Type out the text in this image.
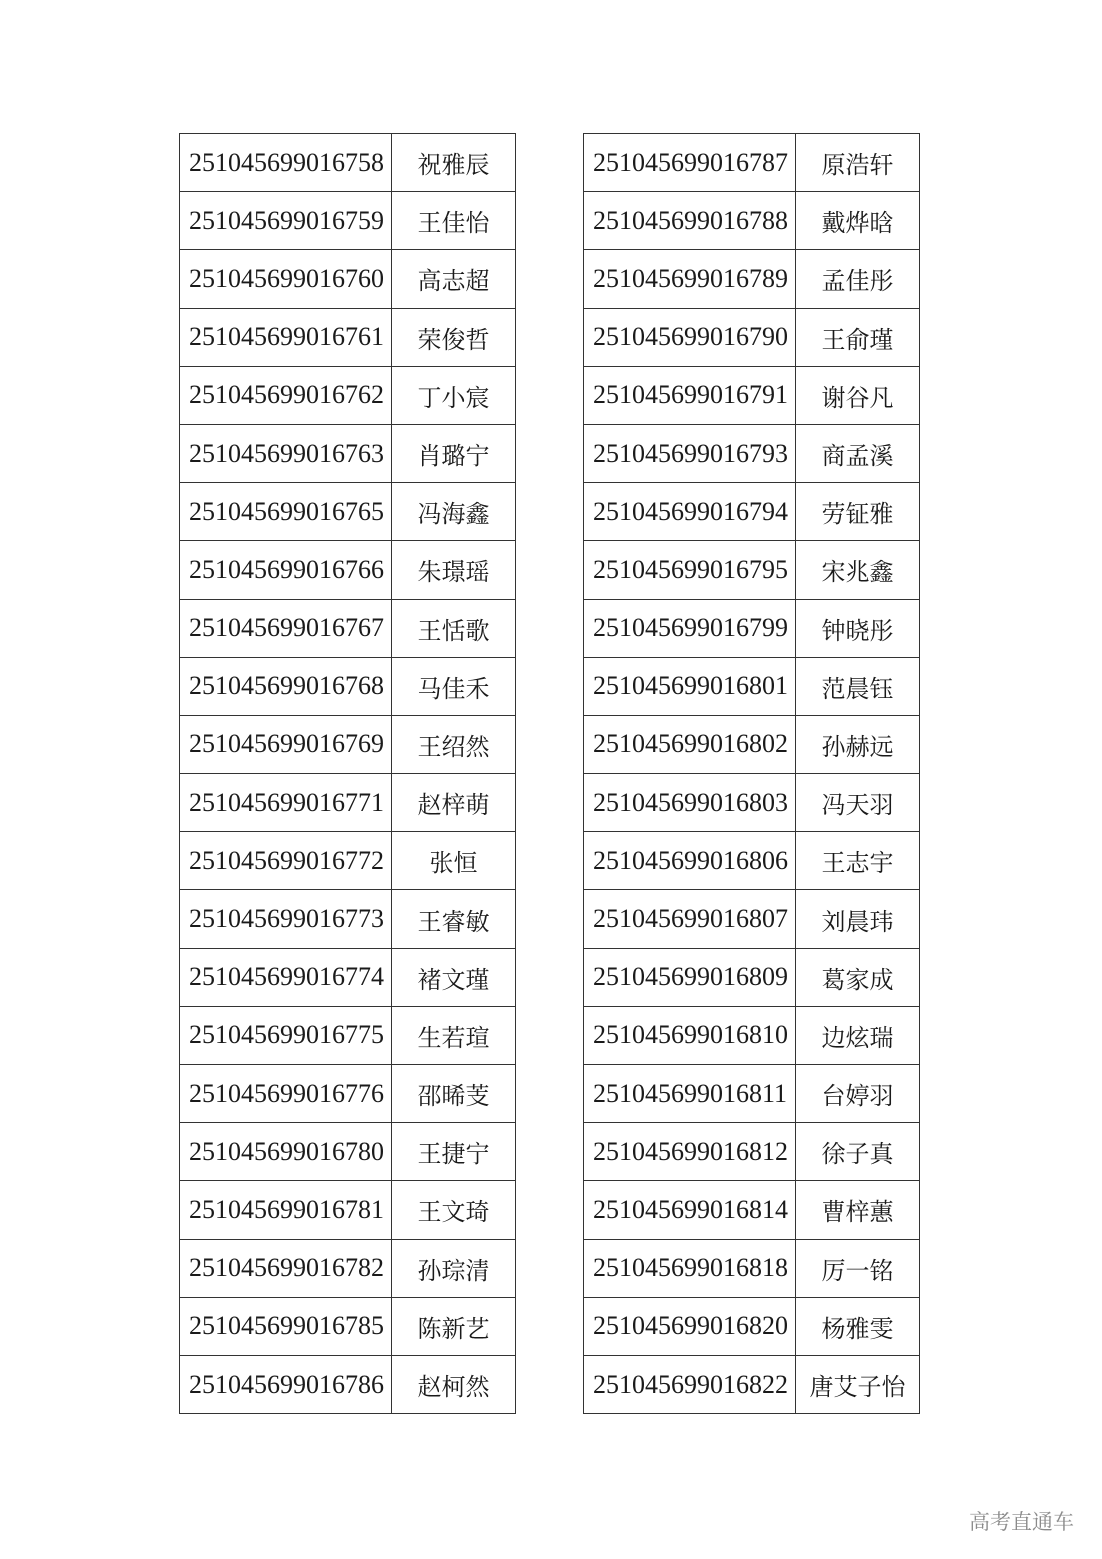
251045699016758	祝雅辰
251045699016759	王佳怡
251045699016760	高志超
251045699016761	荣俊哲
251045699016762	丁小宸
251045699016763	肖璐宁
251045699016765	冯海鑫
251045699016766	朱璟瑶
251045699016767	王恬歌
251045699016768	马佳禾
251045699016769	王绍然
251045699016771	赵梓萌
251045699016772	张恒
251045699016773	王睿敏
251045699016774	褚文瑾
251045699016775	生若瑄
251045699016776	邵晞芰
251045699016780	王捷宁
251045699016781	王文琦
251045699016782	孙琮清
251045699016785	陈新艺
251045699016786	赵柯然
251045699016787	原浩轩
251045699016788	戴烨晗
251045699016789	孟佳彤
251045699016790	王俞瑾
251045699016791	谢谷凡
251045699016793	商孟溪
251045699016794	劳钲雅
251045699016795	宋兆鑫
251045699016799	钟晓彤
251045699016801	范晨钰
251045699016802	孙赫远
251045699016803	冯天羽
251045699016806	王志宇
251045699016807	刘晨玮
251045699016809	葛家成
251045699016810	边炫瑞
251045699016811	台婷羽
251045699016812	徐子真
251045699016814	曹梓蕙
251045699016818	厉一铭
251045699016820	杨雅雯
251045699016822	唐艾子怡
高考直通车
